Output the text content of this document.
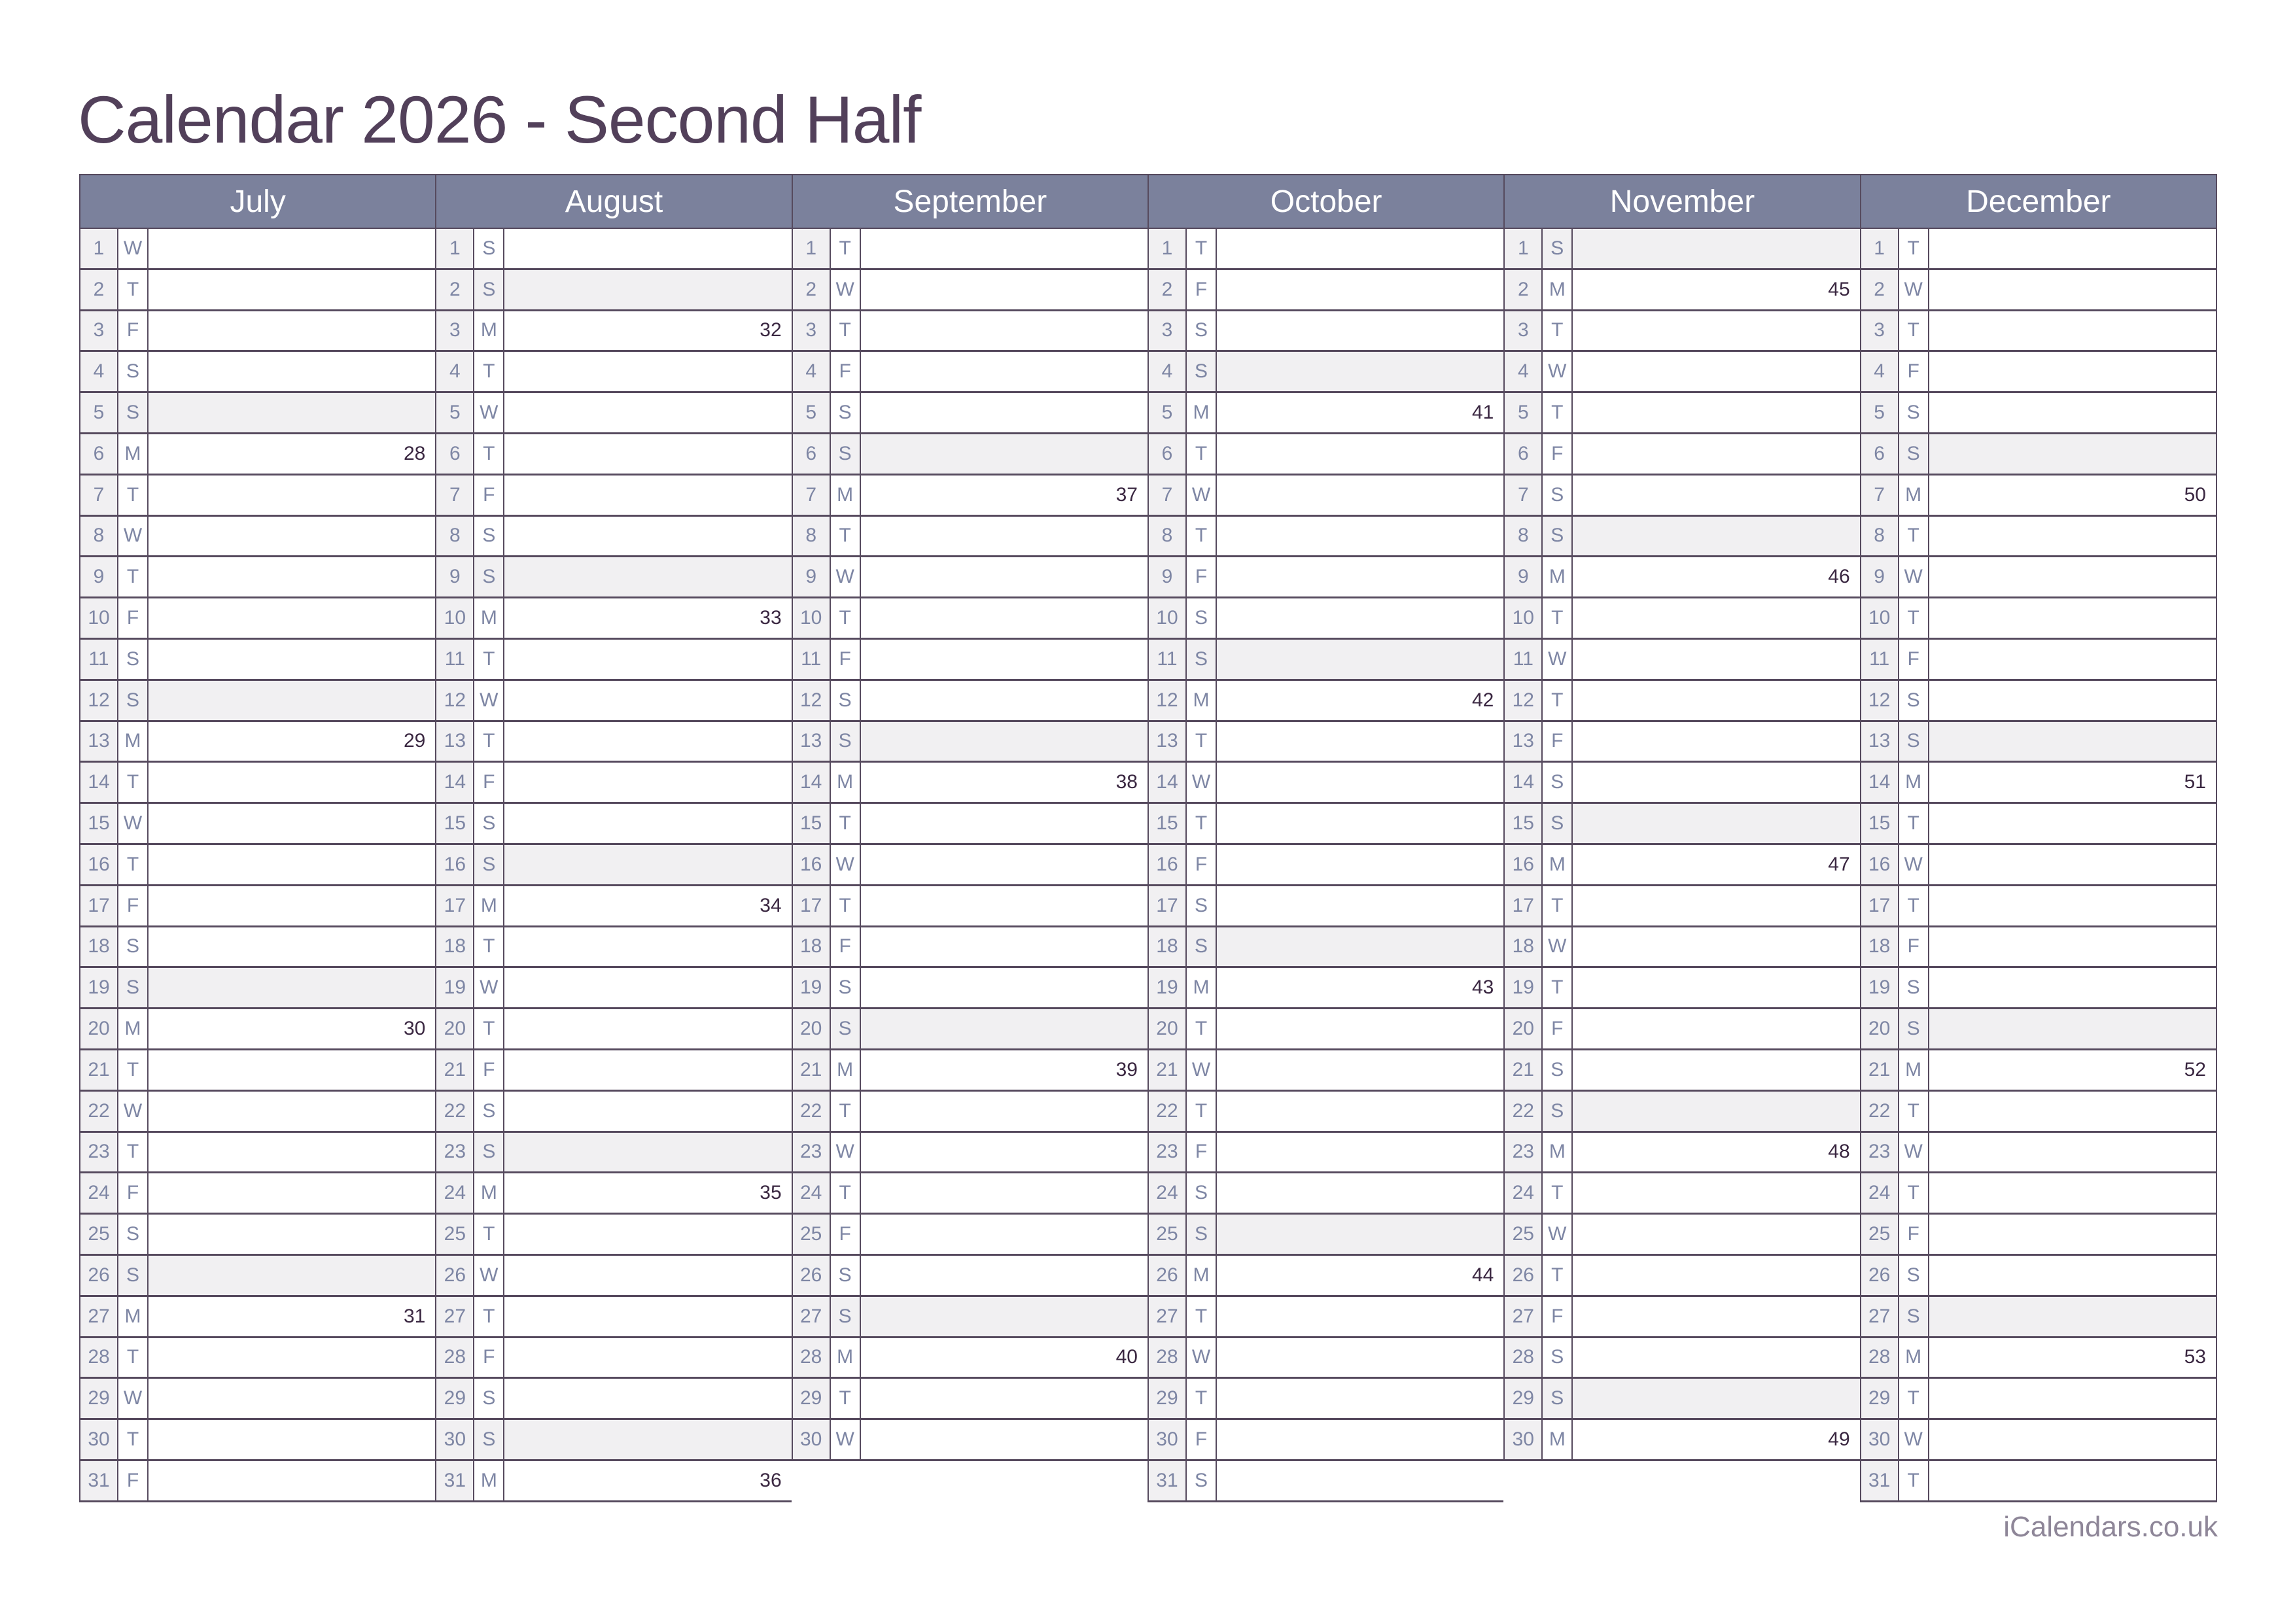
Calendar 2026 - Second Half
July
1 W
2	T
3	F
4	S
5	S
6	M	28
7	T
8 W
9	T
10 F
11 S
12 S
13 M	29
14 T
15 W
16 T
17 F
18 S
19 S
20 M	30
21 T
22 W
23 T
24 F
25 S
26 S
27 M	31
28 T
29 W
30 T
31 F
August
1	S
2	S
3	M	32
4	T
5 W
6	T
7	F
8	S
9	S
10 M	33
11 T
12 W
13 T
14 F
15 S
16 S
17 M	34
18 T
19 W
20 T
21 F
22 S
23 S
24 M	35
25 T
26 W
27 T
28 F
29 S
30 S
31 M	36
September
1	T
2 W
3	T
4	F
5	S
6	S
7	M	37
8	T
9 W
10 T
11 F
12 S
13 S
14 M	38
15 T
16 W
17 T
18 F
19 S
20 S
21 M	39
22 T
23 W
24 T
25 F
26 S
27 S
28 M	40
29 T
30 W
October
1	T
2	F
3	S
4	S
5	M	41
6	T
7 W
8	T
9	F
10 S
11 S
12 M	42
13 T
14 W
15 T
16 F
17 S
18 S
19 M	43
20 T
21 W
22 T
23 F
24 S
25 S
26 M	44
27 T
28 W
29 T
30 F
31 S
November
1	S
2	M	45
3	T
4 W
5	T
6	F
7	S
8	S
9	M	46
10 T
11 W
12 T
13 F
14 S
15 S
16 M	47
17 T
18 W
19 T
20 F
21 S
22 S
23 M	48
24 T
25 W
26 T
27 F
28 S
29 S
30 M	49
December
1	T
2 W
3	T
4	F
5	S
6	S
7	M	50
8	T
9 W
10 T
11 F
12 S
13 S
14 M	51
15 T
16 W
17 T
18 F
19 S
20 S
21 M	52
22 T
23 W
24 T
25 F
26 S
27 S
28 M	53
29 T
30 W
31 T
iCalendars.co.uk
